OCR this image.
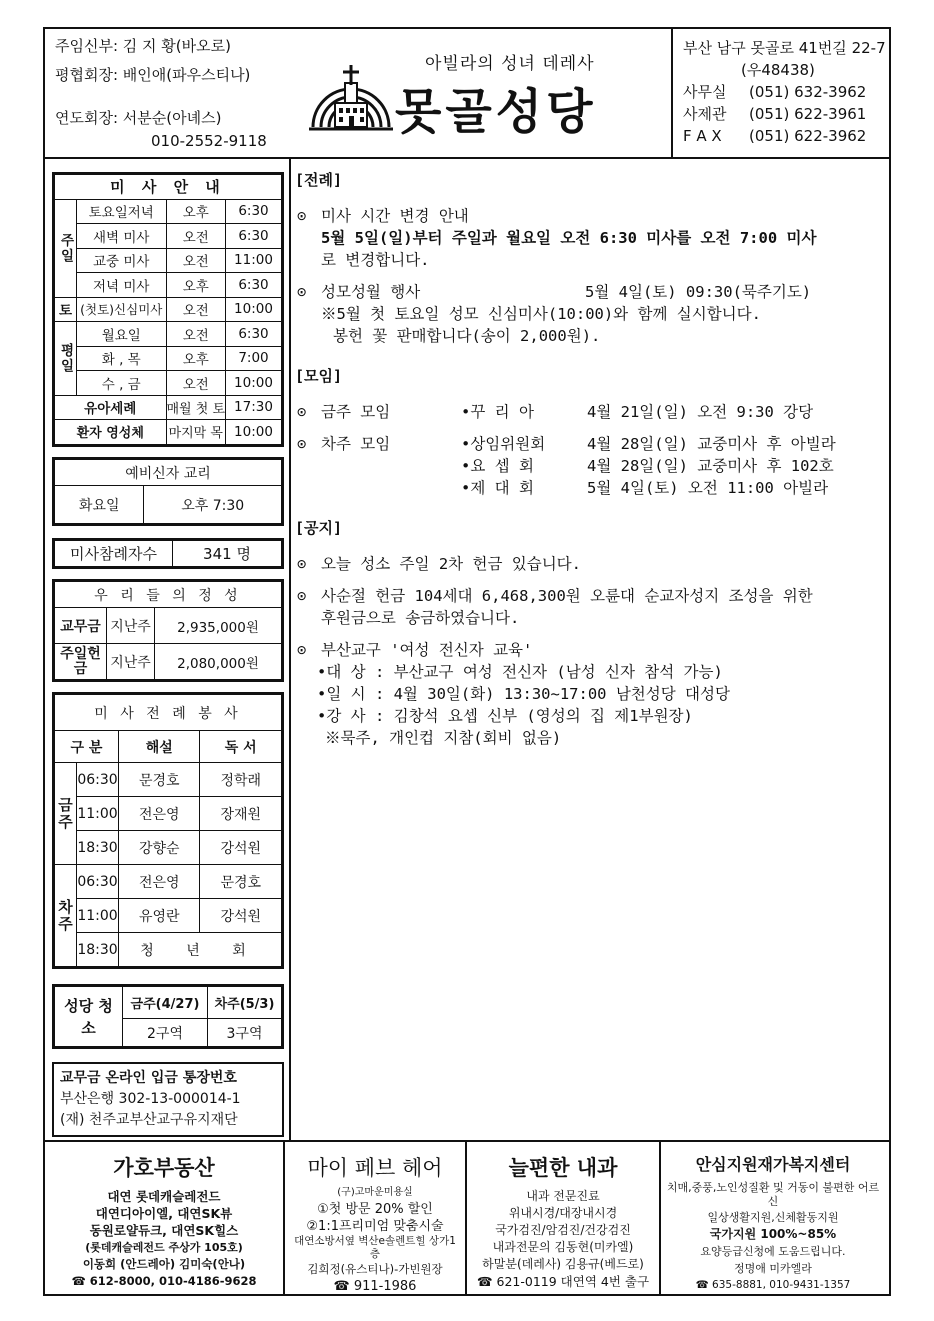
주임신부: 김 지 황(바오로)
평협회장: 배인애(파우스티나)
연도회장: 서분순(아녜스)
010-2552-9118
아빌라의 성녀 데레사
못골성당
부산 남구 못골로 41번길 22-7
(우48438)
사무실	(051) 632-3962
사제관	(051) 622-3961
F A X	(051) 622-3962
미 사 안 내			
주일	토요일저녁	오후	6:30
	새벽 미사	오전	6:30
	교중 미사	오전	11:00
	저녁 미사	오후	6:30
토	(첫토)신심미사	오전	10:00
평일	월요일	오전	6:30
	화 , 목	오후	7:00
	수 , 금	오전	10:00
유아세례		매월 첫 토	17:30
환자 영성체		마지막 목	10:00
예비신자 교리
화요일	오후 7:30
미사참례자수	341 명
우 리 들 의 정 성		
교무금	지난주	2,935,000원
주일헌금	지난주	2,080,000원
미 사 전 례 봉 사			
구 분		해설	독 서
금주	06:30	문경호	정학래
	11:00	전은영	장재원
	18:30	강향순	강석원
차주	06:30	전은영	문경호
	11:00	유영란	강석원
	18:30	청 년 회	
성당 청소	금주(4/27)	차주(5/3)
	2구역	3구역
교무금 온라인 입금 통장번호
부산은행 302-13-000014-1
(재) 천주교부산교구유지재단
[전례]
⊙ 미사 시간 변경 안내
5월 5일(일)부터 주일과 월요일 오전 6:30 미사를 오전 7:00 미사
로 변경합니다.
⊙ 성모성월 행사	5월 4일(토) 09:30(묵주기도)
※5월 첫 토요일 성모 신심미사(10:00)와 함께 실시합니다.
봉헌 꽃 판매합니다(송이 2,000원).
[모임]
⊙ 금주 모임	•꾸 리 아	4월 21일(일) 오전 9:30 강당
⊙ 차주 모임	•상임위원회	4월 28일(일) 교중미사 후 아빌라
•요 셉 회	4월 28일(일) 교중미사 후 102호
•제 대 회	5월 4일(토) 오전 11:00 아빌라
[공지]
⊙ 오늘 성소 주일 2차 헌금 있습니다.
⊙ 사순절 헌금 104세대 6,468,300원 오륜대 순교자성지 조성을 위한
후원금으로 송금하였습니다.
⊙ 부산교구 '여성 전신자 교육'
•대 상 : 부산교구 여성 전신자 (남성 신자 참석 가능)
•일 시 : 4월 30일(화) 13:30~17:00 남천성당 대성당
•강 사 : 김창석 요셉 신부 (영성의 집 제1부원장)
※묵주, 개인컵 지참(회비 없음)
가호부동산
대연 롯데캐슬레전드
대연디아이엘, 대연SK뷰
동원로얄듀크, 대연SK힐스
(롯데캐슬레전드 주상가 105호)
이동희 (안드레아) 김미숙(안나)
☎ 612-8000, 010-4186-9628
마이 페브 헤어
(구)고마운미용실
①첫 방문 20% 할인
②1:1프리미엄 맞춤시술
대연소방서옆 벽산e솔렌트힐 상가1층
김희정(유스티나)-가빈원장
☎ 911-1986
늘편한 내과
내과 전문진료
위내시경/대장내시경
국가검진/암검진/건강검진
내과전문의 김동현(미카엘)
하말분(데레사) 김용규(베드로)
☎ 621-0119 대연역 4번 출구
안심지원재가복지센터
치매,중풍,노인성질환 및 거동이 불편한 어르신
일상생활지원,신체활동지원
국가지원 100%~85%
요양등급신청에 도움드립니다.
정명애 미카엘라
☎ 635-8881, 010-9431-1357
